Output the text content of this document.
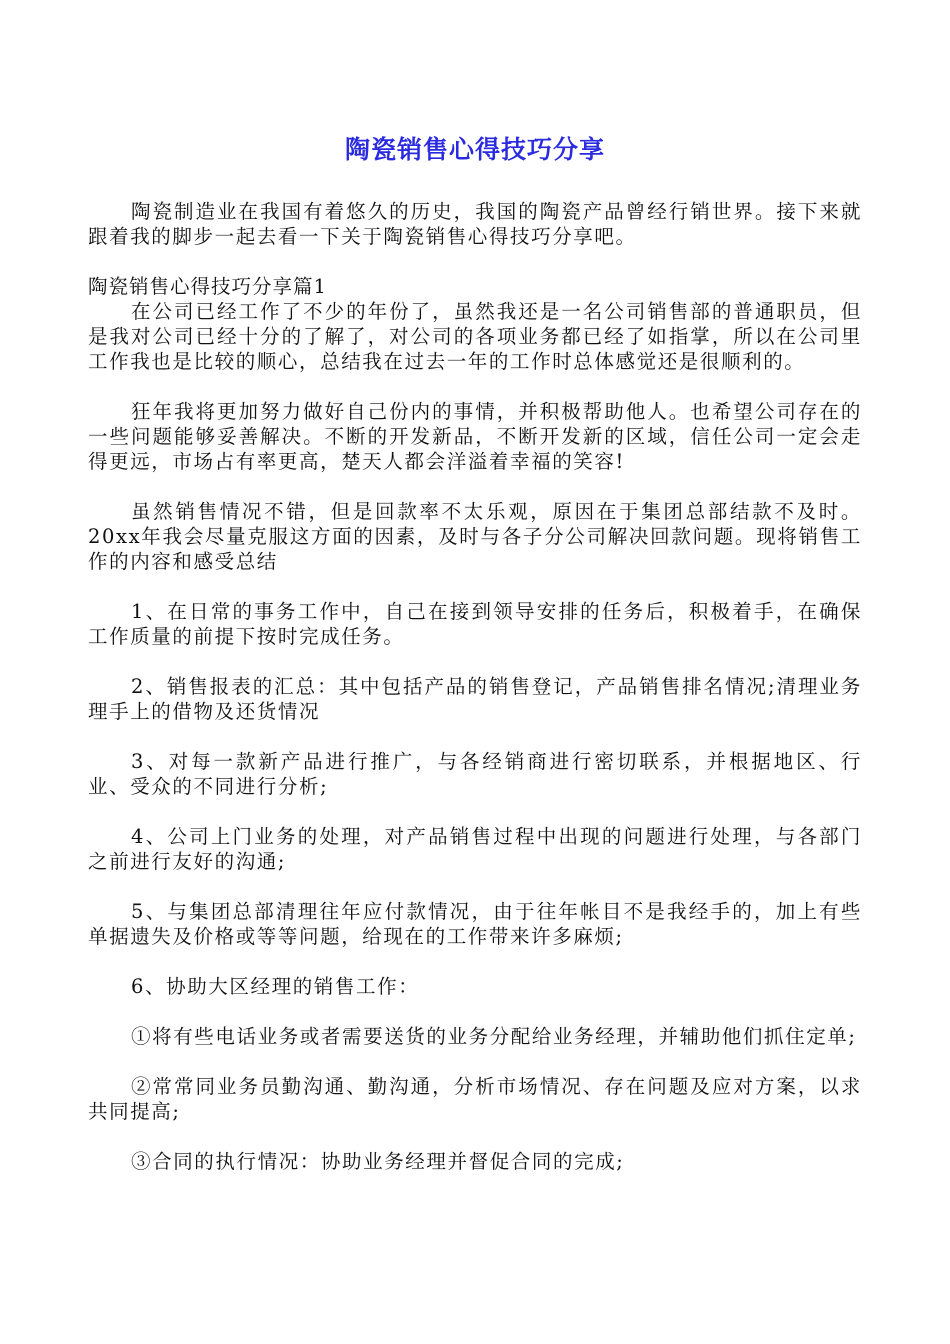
陶瓷销售心得技巧分享

陶瓷制造业在我国有着悠久的历史，我国的陶瓷产品曾经行销世界。接下来就跟着我的脚步一起去看一下关于陶瓷销售心得技巧分享吧。

陶瓷销售心得技巧分享篇1

在公司已经工作了不少的年份了，虽然我还是一名公司销售部的普通职员，但是我对公司已经十分的了解了，对公司的各项业务都已经了如指掌，所以在公司里工作我也是比较的顺心，总结我在过去一年的工作时总体感觉还是很顺利的。

狂年我将更加努力做好自己份内的事情，并积极帮助他人。也希望公司存在的一些问题能够妥善解决。不断的开发新品，不断开发新的区域，信任公司一定会走得更远，市场占有率更高，楚天人都会洋溢着幸福的笑容!

虽然销售情况不错，但是回款率不太乐观，原因在于集团总部结款不及时。20xx年我会尽量克服这方面的因素，及时与各子分公司解决回款问题。现将销售工作的内容和感受总结

1、在日常的事务工作中，自己在接到领导安排的任务后，积极着手，在确保工作质量的前提下按时完成任务。

2、销售报表的汇总：其中包括产品的销售登记，产品销售排名情况;清理业务理手上的借物及还货情况

3、对每一款新产品进行推广，与各经销商进行密切联系，并根据地区、行业、受众的不同进行分析;

4、公司上门业务的处理，对产品销售过程中出现的问题进行处理，与各部门之前进行友好的沟通;

5、与集团总部清理往年应付款情况，由于往年帐目不是我经手的，加上有些单据遗失及价格或等等问题，给现在的工作带来许多麻烦;

6、协助大区经理的销售工作：

①将有些电话业务或者需要送货的业务分配给业务经理，并辅助他们抓住定单;

②常常同业务员勤沟通、勤沟通，分析市场情况、存在问题及应对方案，以求共同提高;

③合同的执行情况：协助业务经理并督促合同的完成;
